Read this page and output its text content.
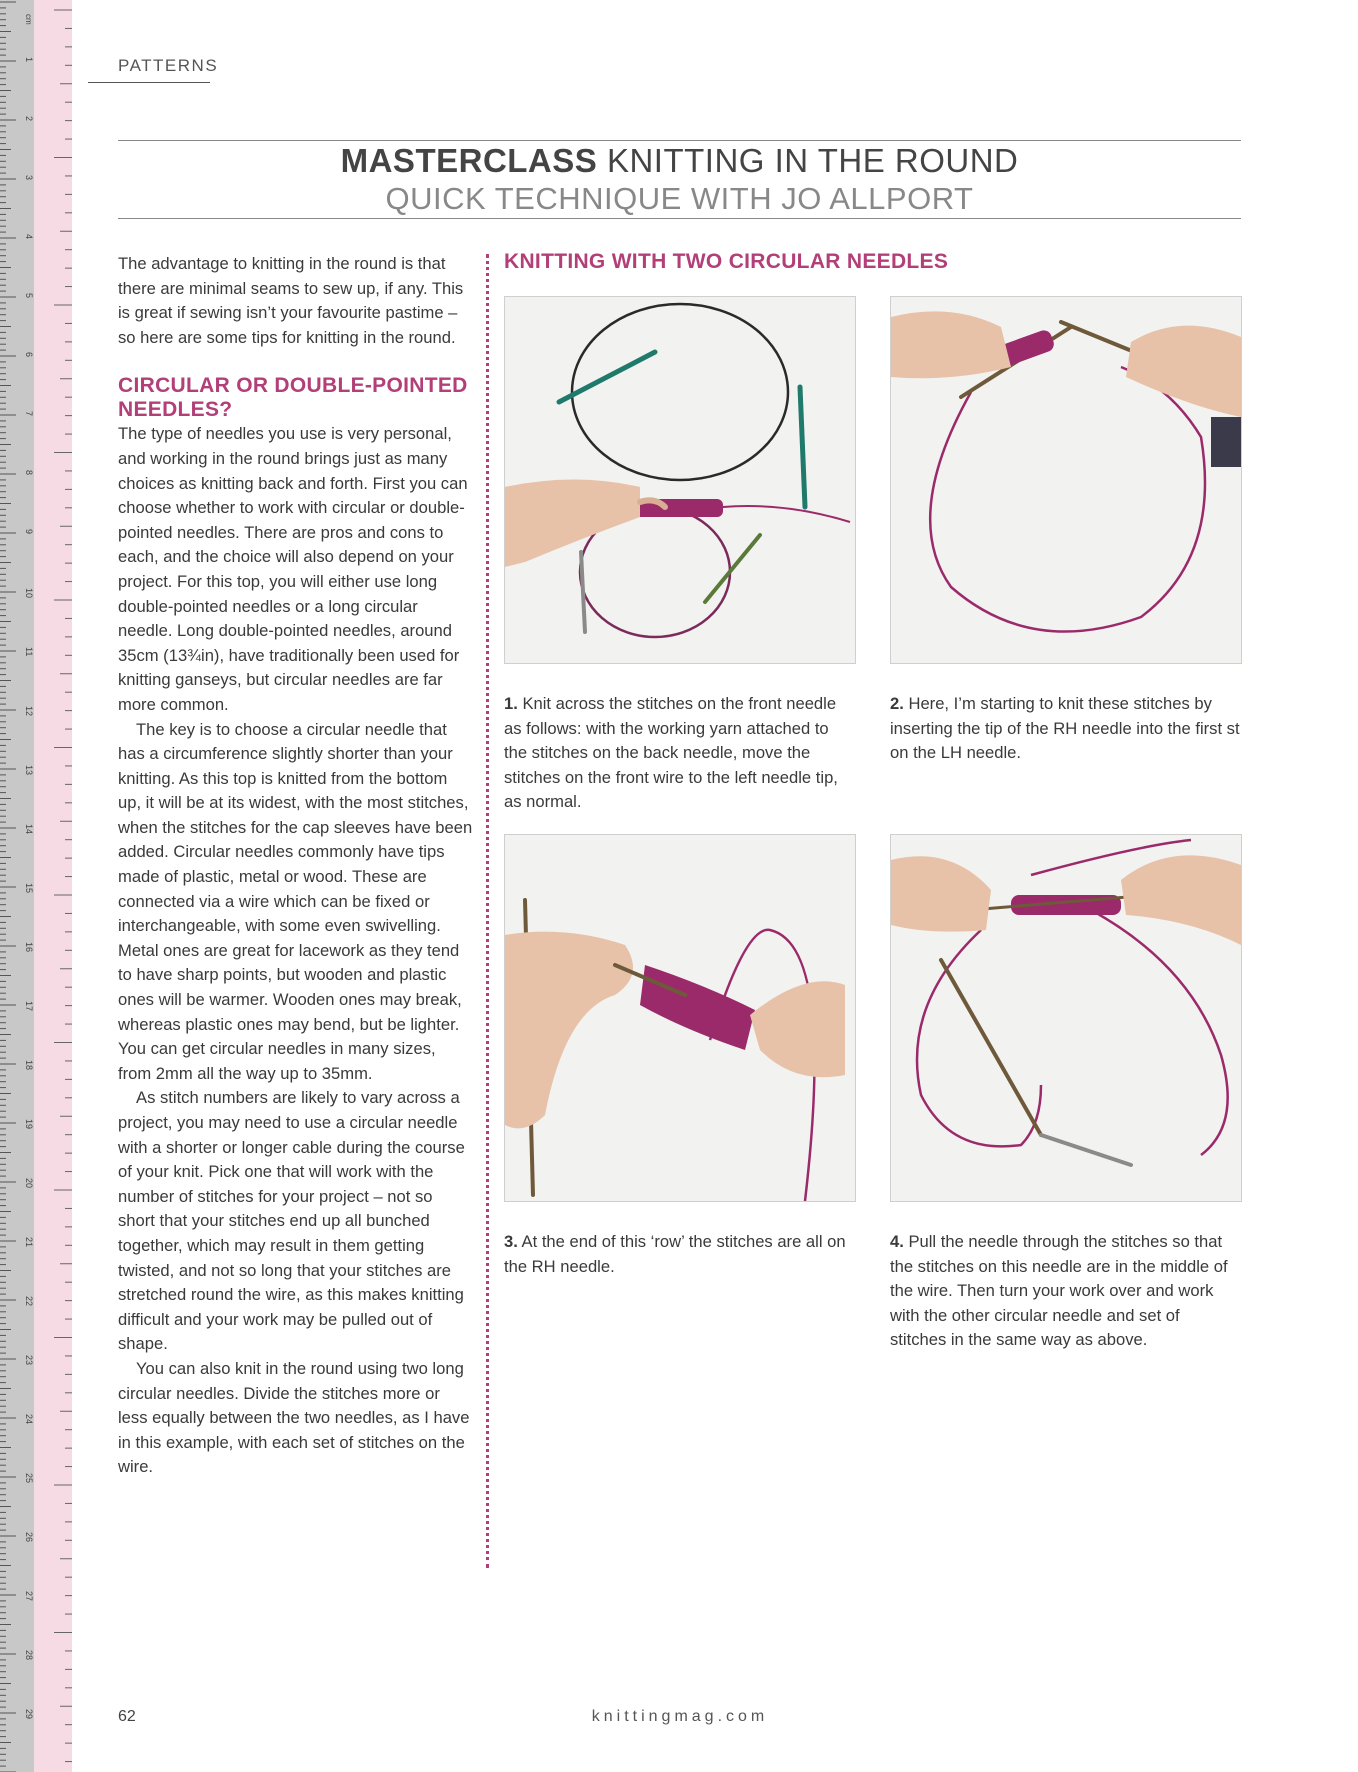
cm
1
2
3
4
5
6
7
8
9
10
11
12
13
14
15
16
17
18
19
20
21
22
23
24
25
26
27
28
29
PATTERNS
MASTERCLASS KNITTING IN THE ROUND
QUICK TECHNIQUE WITH JO ALLPORT

The advantage to knitting in the round is that there are minimal seams to sew up, if any. This is great if sewing isn’t your favourite pastime – so here are some tips for knitting in the round.

CIRCULAR OR DOUBLE-POINTED NEEDLES?

The type of needles you use is very personal, and working in the round brings just as many choices as knitting back and forth. First you can choose whether to work with circular or double-pointed needles. There are pros and cons to each, and the choice will also depend on your project. For this top, you will either use long double-pointed needles or a long circular needle. Long double-pointed needles, around 35cm (13¾in), have traditionally been used for knitting ganseys, but circular needles are far more common.

The key is to choose a circular needle that has a circumference slightly shorter than your knitting. As this top is knitted from the bottom up, it will be at its widest, with the most stitches, when the stitches for the cap sleeves have been added. Circular needles commonly have tips made of plastic, metal or wood. These are connected via a wire which can be fixed or interchangeable, with some even swivelling. Metal ones are great for lacework as they tend to have sharp points, but wooden and plastic ones will be warmer. Wooden ones may break, whereas plastic ones may bend, but be lighter. You can get circular needles in many sizes, from 2mm all the way up to 35mm.

As stitch numbers are likely to vary across a project, you may need to use a circular needle with a shorter or longer cable during the course of your knit. Pick one that will work with the number of stitches for your project – not so short that your stitches end up all bunched together, which may result in them getting twisted, and not so long that your stitches are stretched round the wire, as this makes knitting difficult and your work may be pulled out of shape.

You can also knit in the round using two long circular needles. Divide the stitches more or less equally between the two needles, as I have in this example, with each set of stitches on the wire.

KNITTING WITH TWO CIRCULAR NEEDLES
1. Knit across the stitches on the front needle as follows: with the working yarn attached to the stitches on the back needle, move the stitches on the front wire to the left needle tip, as normal.
2. Here, I’m starting to knit these stitches by inserting the tip of the RH needle into the first st on the LH needle.
3. At the end of this ‘row’ the stitches are all on the RH needle.
4. Pull the needle through the stitches so that the stitches on this needle are in the middle of the wire. Then turn your work over and work with the other circular needle and set of stitches in the same way as above.
62	knittingmag.com
